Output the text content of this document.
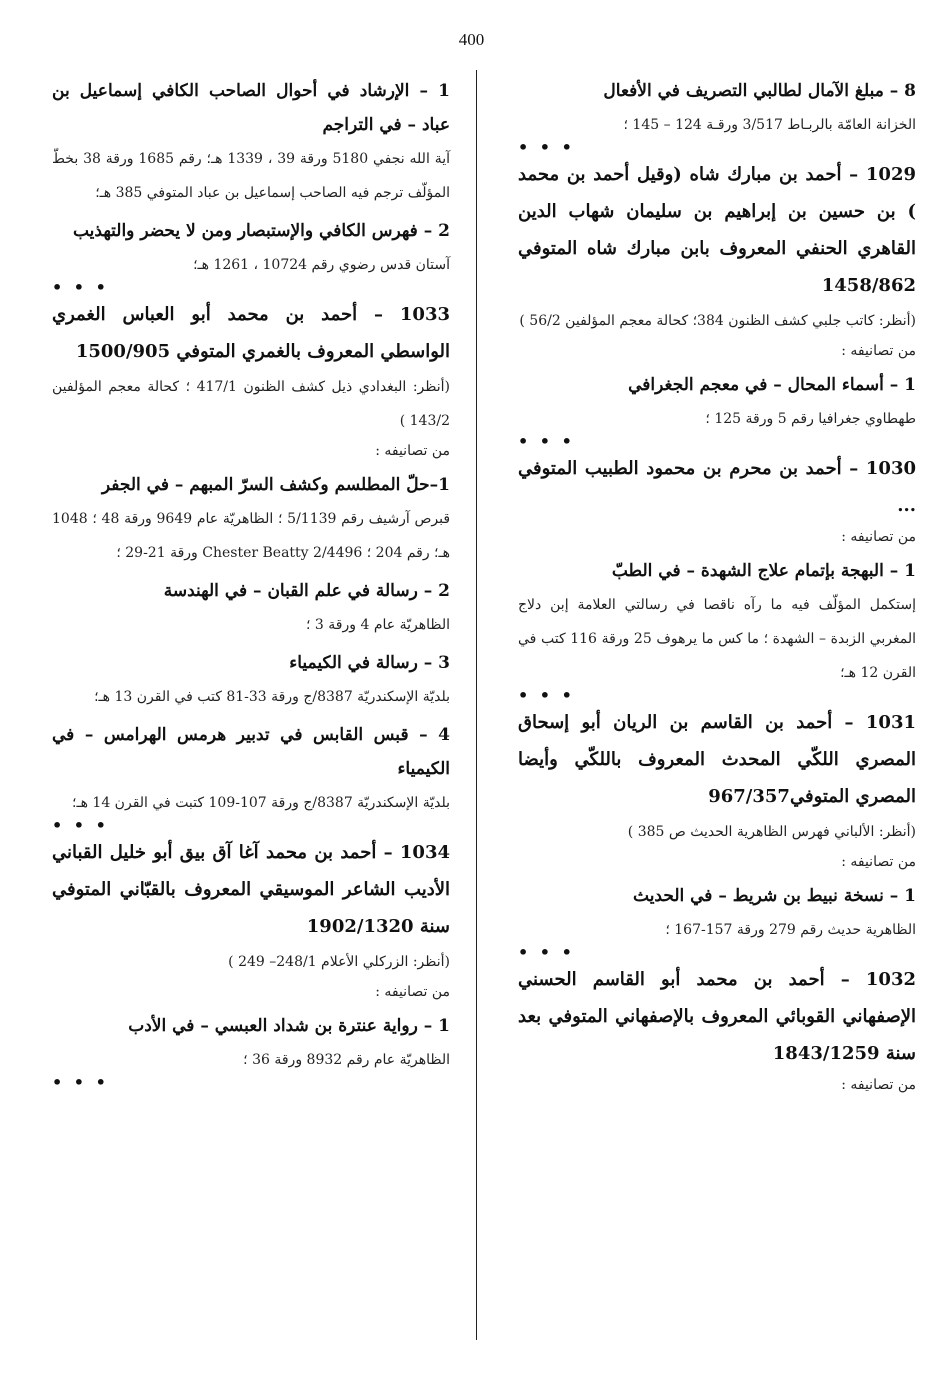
400

8 – مبلغ الآمال لطالبي التصريف في الأفعال

الخزانة العامّة بالربـاط 3/517 ورقـة 124 – 145 ؛

• • •

1029 – أحمد بن مبارك شاه (وقيل أحمد بن محمد ) بن حسين بن إبراهيم بن سليمان شهاب الدين القاهري الحنفي المعروف بابن مبارك شاه المتوفي 1458/862

(أنظر: كاتب جلبي كشف الظنون 384؛ كحالة معجم المؤلفين 56/2 )

من تصانيفه :

1 – أسماء المحال – في معجم الجغرافي

طهطاوي جغرافيا رقم 5 ورقة 125 ؛

• • •

1030 – أحمد بن محرم بن محمود الطبيب المتوفي ...

من تصانيفه :

1 – البهجة بإتمام علاج الشهدة – في الطبّ

إستكمل المؤلّف فيه ما رآه ناقصا في رسالتي العلامة إبن دلاج المغربي الزبدة – الشهدة ؛ ما كس ما يرهوف 25 ورقة 116 كتب في القرن 12 هـ؛

• • •

1031 – أحمد بن القاسم بن الريان أبو إسحاق المصري اللكّي المحدث المعروف باللكّي وأيضا المصري المتوفي967/357

(أنظر: الألباني فهرس الظاهرية الحديث ص 385 )

من تصانيفه :

1 – نسخة نبيط بن شريط – في الحديث

الظاهرية حديث رقم 279 ورقة 157-167 ؛

• • •

1032 – أحمد بن محمد أبو القاسم الحسني الإصفهاني القوبائي المعروف بالإصفهاني المتوفي بعد سنة 1843/1259

من تصانيفه :

1 – الإرشاد في أحوال الصاحب الكافي إسماعيل بن عباد – في التراجم

آية الله نجفي 5180 ورقة 39 ، 1339 هـ؛ رقم 1685 ورقة 38 بخطّ المؤلّف ترجم فيه الصاحب إسماعيل بن عباد المتوفي 385 هـ؛

2 – فهرس الكافي والإستبصار ومن لا يحضر والتهذيب

آستان قدس رضوي رقم 10724 ، 1261 هـ؛

• • •

1033 – أحمد بن محمد أبو العباس الغمري الواسطي المعروف بالغمري المتوفي 1500/905

(أنظر: البغدادي ذيل كشف الظنون 417/1 ؛ كحالة معجم المؤلفين 143/2 )

من تصانيفه :

1–حلّ المطلسم وكشف السرّ المبهم – في الجفر

قبرص آرشيف رقم 5/1139 ؛ الظاهريّة عام 9649 ورقة 48 ؛ 1048 هـ؛ رقم 204 ؛ Chester Beatty 2/4496 ورقة 21-29 ؛

2 – رسالة في علم القبان – في الهندسة

الظاهريّة عام 4 ورقة 3 ؛

3 – رسالة في الكيمياء

بلديّة الإسكندريّة 8387/ج ورقة 33-81 كتب في القرن 13 هـ؛

4 – قبس القابس في تدبير هرمس الهرامس – في الكيمياء

بلديّة الإسكندريّة 8387/ج ورقة 107-109 كتبت في القرن 14 هـ؛

• • •

1034 – أحمد بن محمد آغا آق بيق أبو خليل القباني الأديب الشاعر الموسيقي المعروف بالقبّاني المتوفي سنة 1902/1320

(أنظر: الزركلي الأعلام 248/1– 249 )

من تصانيفه :

1 – رواية عنترة بن شداد العبسي – في الأدب

الظاهريّة عام رقم 8932 ورقة 36 ؛

• • •
